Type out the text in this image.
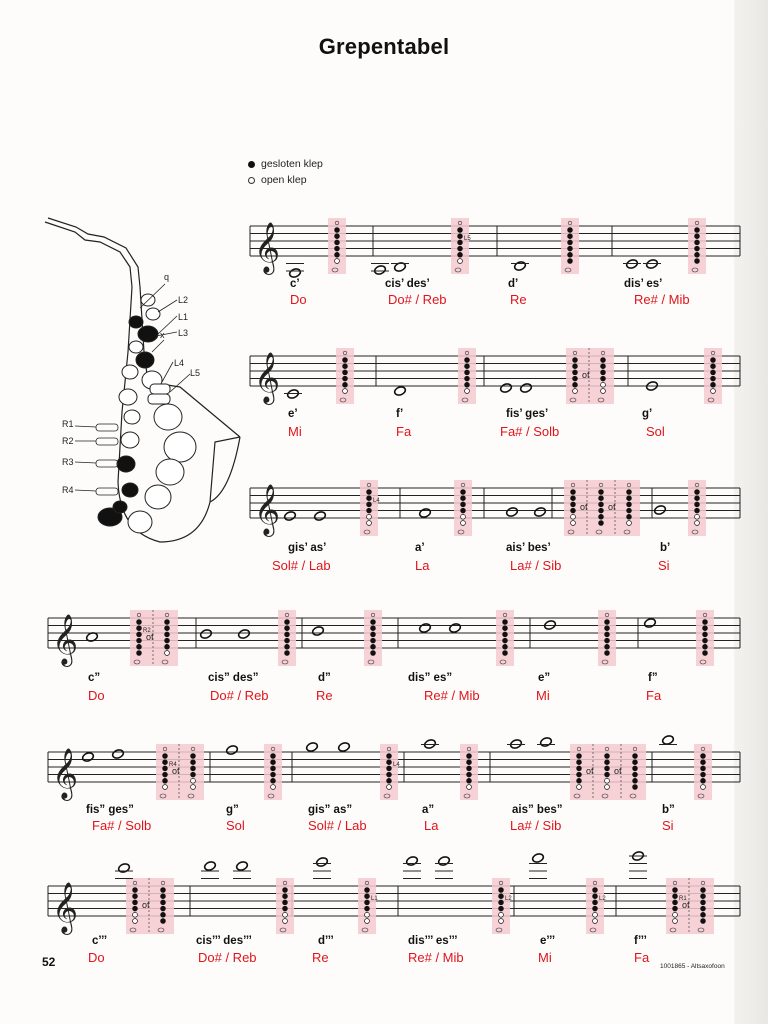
Grepentabel
gesloten klep
open klep
q
L2
L1
L3
x
L4
L5
R1
R2
R3
R4
𝄞	L5
𝄞	of
𝄞	L4
of of
𝄞	of
R2
𝄞	of
R4	L4
of of
𝄞	of
L1	L2	L2
of
R1
c’
Do
cis’ des’
Do# / Reb
d’
Re
dis’ es’
Re# / Mib
e’
Mi
f’
Fa
fis’ ges’
Fa# / Solb
g’
Sol
gis’ as’
Sol# / Lab
a’
La
ais’ bes’
La# / Sib
b’
Si
c”
Do
cis” des”
Do# / Reb
d”
Re
dis” es”
Re# / Mib
e”
Mi
f”
Fa
fis” ges”
Fa# / Solb
g”
Sol
gis” as”
Sol# / Lab
a”
La
ais” bes”
La# / Sib
b”
Si
c’’’
Do
cis’’’ des’’’
Do# / Reb
d’’’
Re
dis’’’ es’’’
Re# / Mib
e’’’
Mi
f’’’
Fa
52	1001865 - Altsaxofoon
